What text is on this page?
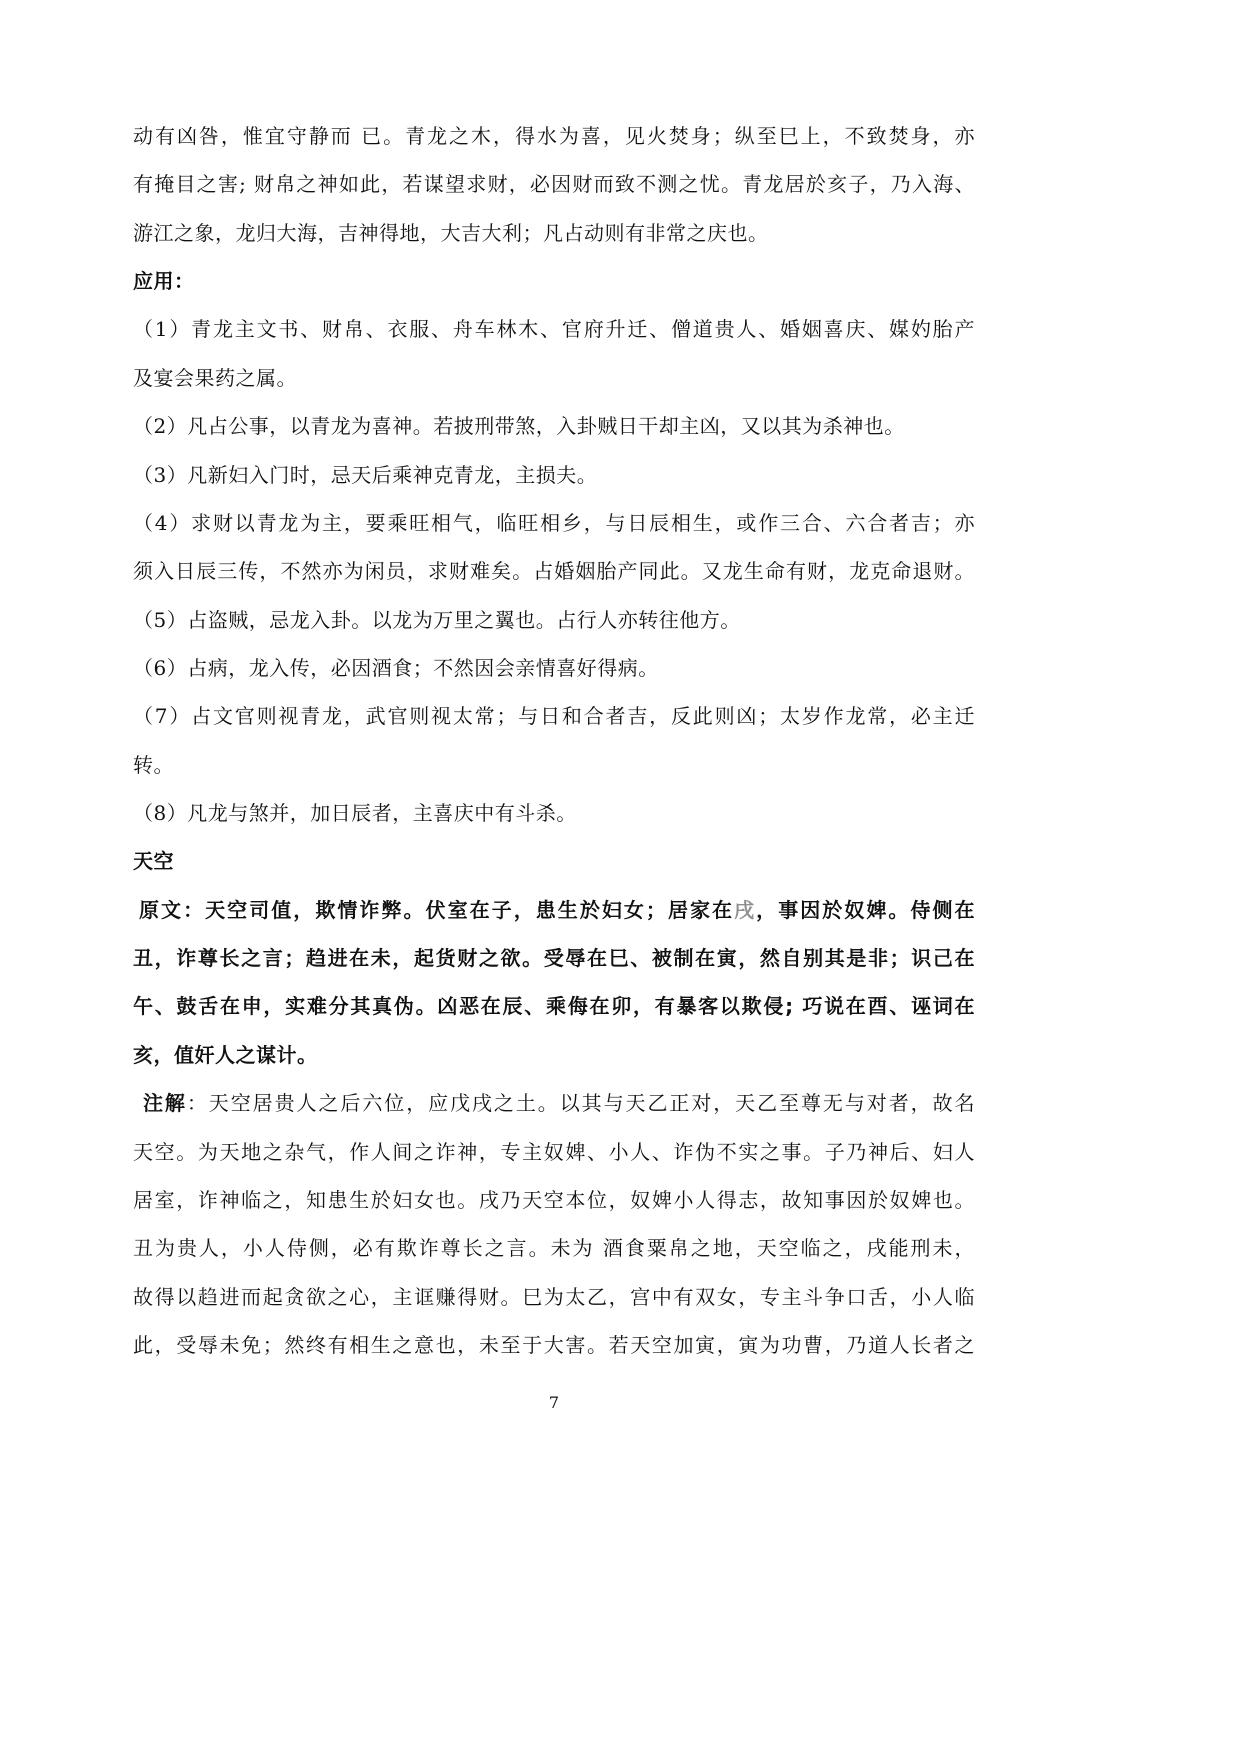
动有凶咎，惟宜守静而 已。青龙之木，得水为喜，见火焚身；纵至巳上，不致焚身，亦
有掩目之害; 财帛之神如此，若谋望求财，必因财而致不测之忧。青龙居於亥子，乃入海、
游江之象，龙归大海，吉神得地，大吉大利；凡占动则有非常之庆也。
应用：
（1）青龙主文书、财帛、衣服、舟车林木、官府升迁、僧道贵人、婚姻喜庆、媒妁胎产
及宴会果药之属。
（2）凡占公事，以青龙为喜神。若披刑带煞，入卦贼日干却主凶，又以其为杀神也。
（3）凡新妇入门时，忌天后乘神克青龙，主损夫。
（4）求财以青龙为主，要乘旺相气，临旺相乡，与日辰相生，或作三合、六合者吉；亦
须入日辰三传，不然亦为闲员，求财难矣。占婚姻胎产同此。又龙生命有财，龙克命退财。
（5）占盗贼，忌龙入卦。以龙为万里之翼也。占行人亦转往他方。
（6）占病，龙入传，必因酒食；不然因会亲情喜好得病。
（7）占文官则视青龙，武官则视太常；与日和合者吉，反此则凶；太岁作龙常，必主迁
转。
（8）凡龙与煞并，加日辰者，主喜庆中有斗杀。
天空
原文：天空司值，欺情诈弊。伏室在子，患生於妇女；居家在戌，事因於奴婢。侍侧在
丑，诈尊长之言；趋进在未，起货财之欲。受辱在巳、被制在寅，然自别其是非；识己在
午、鼓舌在申，实难分其真伪。凶恶在辰、乘侮在卯，有暴客以欺侵; 巧说在酉、诬词在
亥，值奸人之谋计。
注解：天空居贵人之后六位，应戊戌之土。以其与天乙正对，天乙至尊无与对者，故名
天空。为天地之杂气，作人间之诈神，专主奴婢、小人、诈伪不实之事。子乃神后、妇人
居室，诈神临之，知患生於妇女也。戌乃天空本位，奴婢小人得志，故知事因於奴婢也。
丑为贵人，小人侍侧，必有欺诈尊长之言。未为 酒食粟帛之地，天空临之，戌能刑未，
故得以趋进而起贪欲之心，主诓赚得财。巳为太乙，宫中有双女，专主斗争口舌，小人临
此，受辱未免；然终有相生之意也，未至于大害。若天空加寅，寅为功曹，乃道人长者之
7
